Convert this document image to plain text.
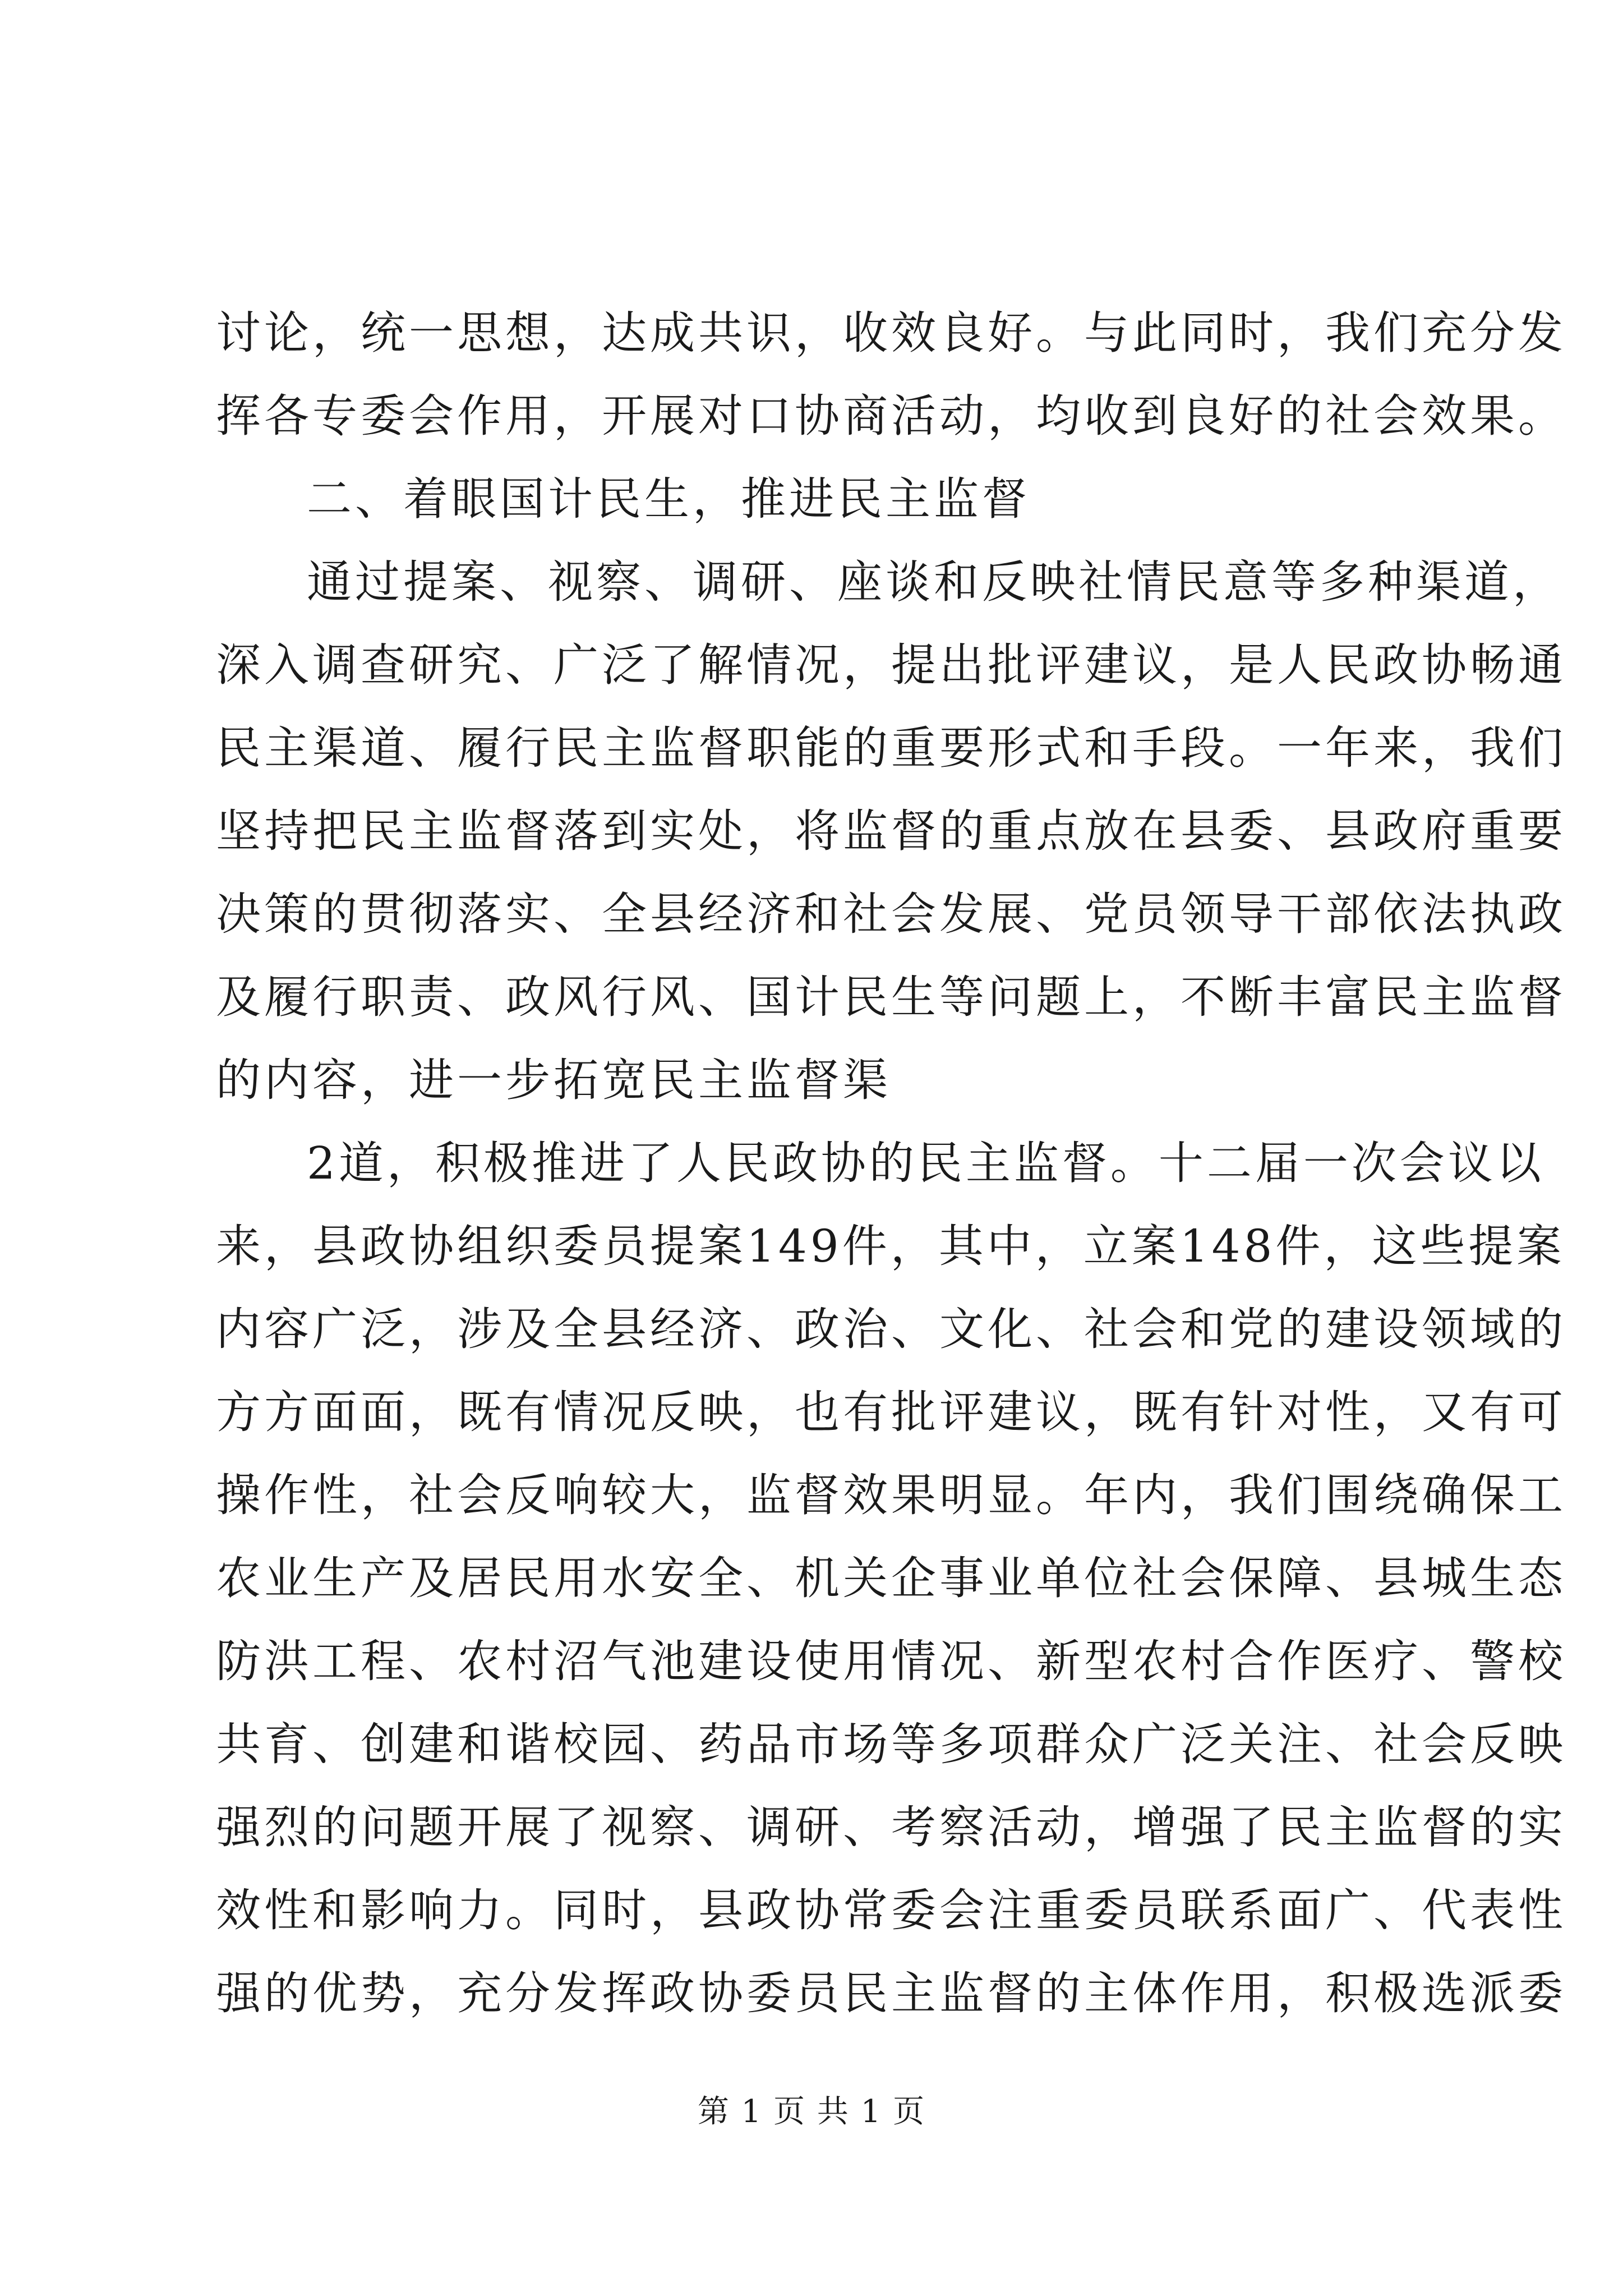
讨论，统一思想，达成共识，收效良好。与此同时，我们充分发
挥各专委会作用，开展对口协商活动，均收到良好的社会效果。
二、着眼国计民生，推进民主监督
通过提案、视察、调研、座谈和反映社情民意等多种渠道，
深入调查研究、广泛了解情况，提出批评建议，是人民政协畅通
民主渠道、履行民主监督职能的重要形式和手段。一年来，我们
坚持把民主监督落到实处，将监督的重点放在县委、县政府重要
决策的贯彻落实、全县经济和社会发展、党员领导干部依法执政
及履行职责、政风行风、国计民生等问题上，不断丰富民主监督
的内容，进一步拓宽民主监督渠
2道，积极推进了人民政协的民主监督。十二届一次会议以
来，县政协组织委员提案149件，其中，立案148件，这些提案
内容广泛，涉及全县经济、政治、文化、社会和党的建设领域的
方方面面，既有情况反映，也有批评建议，既有针对性，又有可
操作性，社会反响较大，监督效果明显。年内，我们围绕确保工
农业生产及居民用水安全、机关企事业单位社会保障、县城生态
防洪工程、农村沼气池建设使用情况、新型农村合作医疗、警校
共育、创建和谐校园、药品市场等多项群众广泛关注、社会反映
强烈的问题开展了视察、调研、考察活动，增强了民主监督的实
效性和影响力。同时，县政协常委会注重委员联系面广、代表性
强的优势，充分发挥政协委员民主监督的主体作用，积极选派委
第 1 页 共 1 页
